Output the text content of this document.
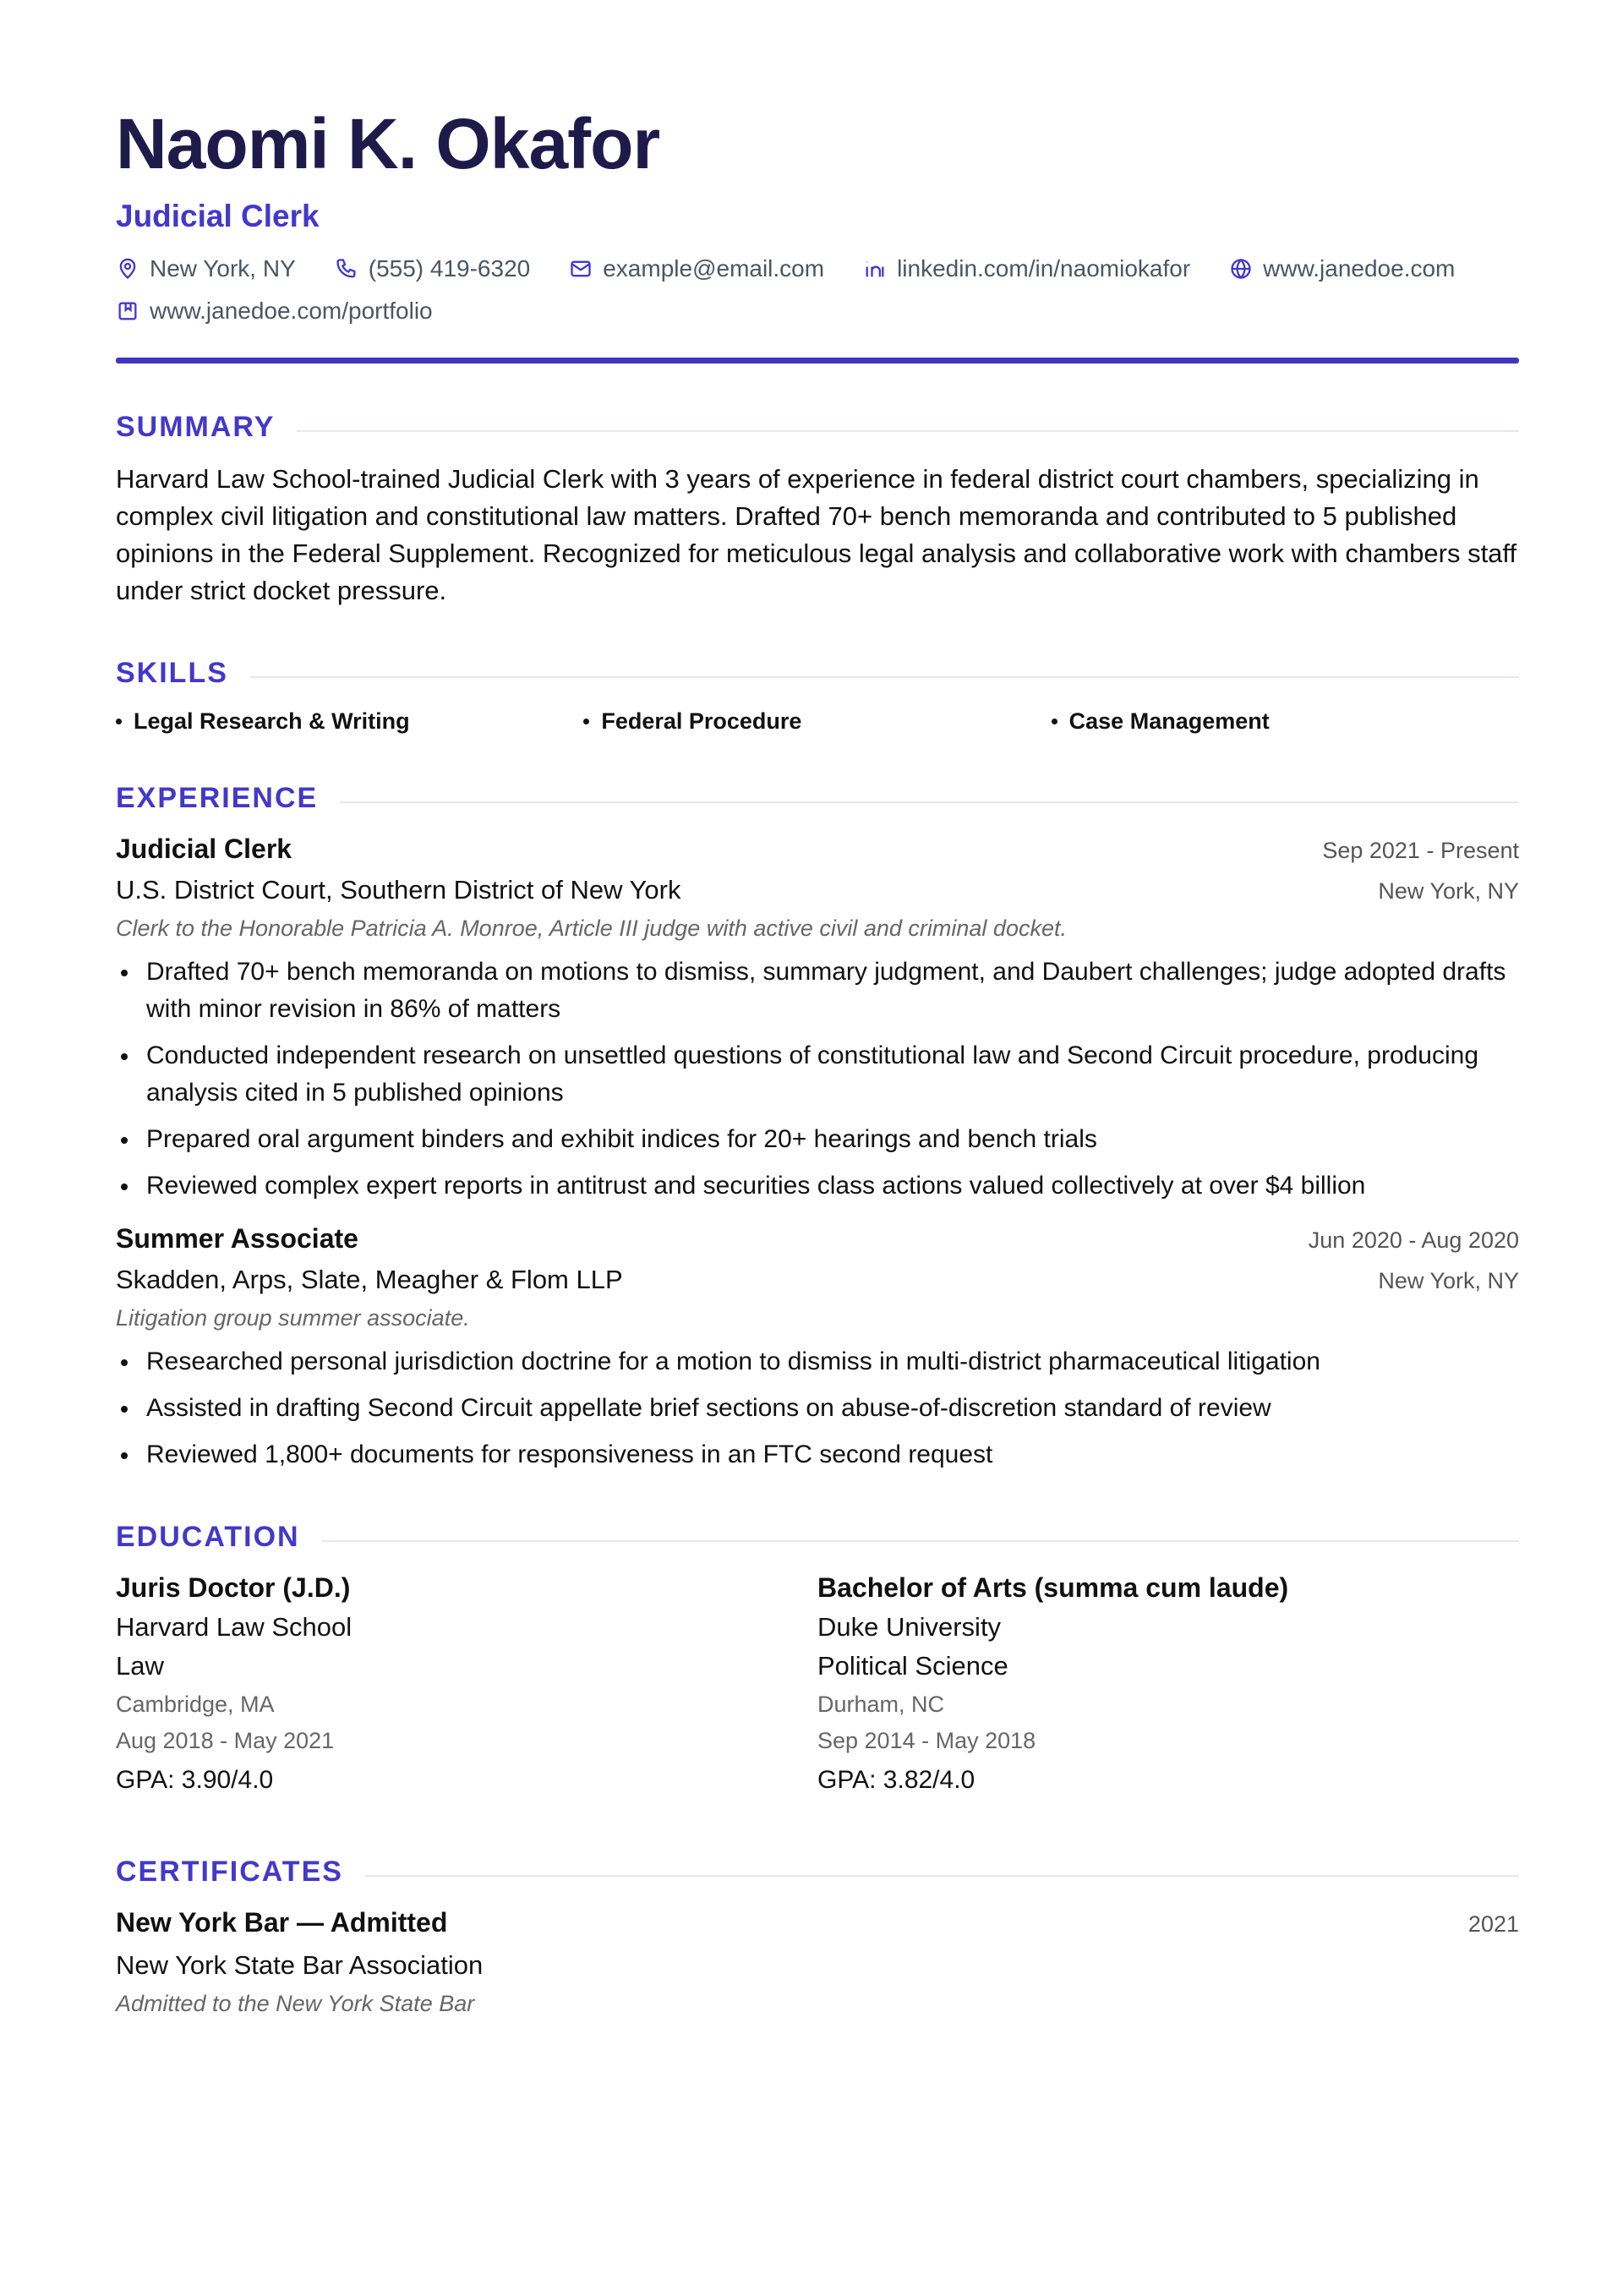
Naomi K. Okafor
Judicial Clerk
New York, NY	(555) 419-6320	example@email.com	linkedin.com/in/naomiokafor	www.janedoe.com
www.janedoe.com/portfolio
SUMMARY
Harvard Law School-trained Judicial Clerk with 3 years of experience in federal district court chambers, specializing in complex civil litigation and constitutional law matters. Drafted 70+ bench memoranda and contributed to 5 published opinions in the Federal Supplement. Recognized for meticulous legal analysis and collaborative work with chambers staff under strict docket pressure.
SKILLS
Legal Research & Writing	Federal Procedure	Case Management
EXPERIENCE
Judicial Clerk	Sep 2021 - Present
U.S. District Court, Southern District of New York	New York, NY
Clerk to the Honorable Patricia A. Monroe, Article III judge with active civil and criminal docket.
Drafted 70+ bench memoranda on motions to dismiss, summary judgment, and Daubert challenges; judge adopted drafts with minor revision in 86% of matters
Conducted independent research on unsettled questions of constitutional law and Second Circuit procedure, producing analysis cited in 5 published opinions
Prepared oral argument binders and exhibit indices for 20+ hearings and bench trials
Reviewed complex expert reports in antitrust and securities class actions valued collectively at over $4 billion
Summer Associate	Jun 2020 - Aug 2020
Skadden, Arps, Slate, Meagher & Flom LLP	New York, NY
Litigation group summer associate.
Researched personal jurisdiction doctrine for a motion to dismiss in multi-district pharmaceutical litigation
Assisted in drafting Second Circuit appellate brief sections on abuse-of-discretion standard of review
Reviewed 1,800+ documents for responsiveness in an FTC second request
EDUCATION
Juris Doctor (J.D.)
Harvard Law School
Law
Cambridge, MA
Aug 2018 - May 2021
GPA: 3.90/4.0
Bachelor of Arts (summa cum laude)
Duke University
Political Science
Durham, NC
Sep 2014 - May 2018
GPA: 3.82/4.0
CERTIFICATES
New York Bar — Admitted	2021
New York State Bar Association
Admitted to the New York State Bar
